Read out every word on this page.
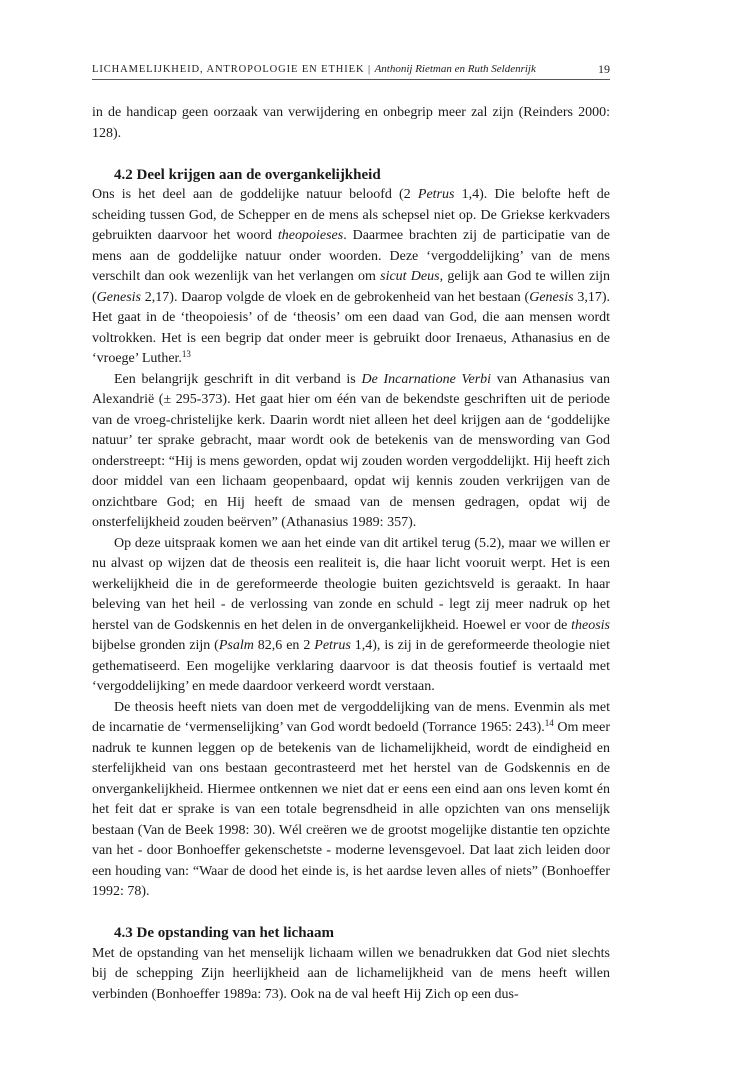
LICHAMELIJKHEID, ANTROPOLOGIE EN ETHIEK | Anthonij Rietman en Ruth Seldenrijk	19

in de handicap geen oorzaak van verwijdering en onbegrip meer zal zijn (Reinders 2000: 128).

4.2 Deel krijgen aan de overgankelijkheid

Ons is het deel aan de goddelijke natuur beloofd (2 Petrus 1,4). Die belofte heft de scheiding tussen God, de Schepper en de mens als schepsel niet op. De Griekse kerkvaders gebruikten daarvoor het woord theopoieses. Daarmee brachten zij de participatie van de mens aan de goddelijke natuur onder woorden. Deze ‘vergoddelijking’ van de mens verschilt dan ook wezenlijk van het verlangen om sicut Deus, gelijk aan God te willen zijn (Genesis 2,17). Daarop volgde de vloek en de gebrokenheid van het bestaan (Genesis 3,17). Het gaat in de ‘theopoiesis’ of de ‘theosis’ om een daad van God, die aan mensen wordt voltrokken. Het is een begrip dat onder meer is gebruikt door Irenaeus, Athanasius en de ‘vroege’ Luther.$^{13}$

Een belangrijk geschrift in dit verband is De Incarnatione Verbi van Athanasius van Alexandrië (± 295-373). Het gaat hier om één van de bekendste geschriften uit de periode van de vroeg-christelijke kerk. Daarin wordt niet alleen het deel krijgen aan de ‘goddelijke natuur’ ter sprake gebracht, maar wordt ook de betekenis van de menswording van God onderstreept: “Hij is mens geworden, opdat wij zouden worden vergoddelijkt. Hij heeft zich door middel van een lichaam geopenbaard, opdat wij kennis zouden verkrijgen van de onzichtbare God; en Hij heeft de smaad van de mensen gedragen, opdat wij de onsterfelijkheid zouden beërven” (Athanasius 1989: 357).

Op deze uitspraak komen we aan het einde van dit artikel terug (5.2), maar we willen er nu alvast op wijzen dat de theosis een realiteit is, die haar licht vooruit werpt. Het is een werkelijkheid die in de gereformeerde theologie buiten gezichtsveld is geraakt. In haar beleving van het heil - de verlossing van zonde en schuld - legt zij meer nadruk op het herstel van de Godskennis en het delen in de onvergankelijkheid. Hoewel er voor de theosis bijbelse gronden zijn (Psalm 82,6 en 2 Petrus 1,4), is zij in de gereformeerde theologie niet gethematiseerd. Een mogelijke verklaring daarvoor is dat theosis foutief is vertaald met ‘vergoddelijking’ en mede daardoor verkeerd wordt verstaan.

De theosis heeft niets van doen met de vergoddelijking van de mens. Evenmin als met de incarnatie de ‘vermenselijking’ van God wordt bedoeld (Torrance 1965: 243).$^{14}$ Om meer nadruk te kunnen leggen op de betekenis van de lichamelijkheid, wordt de eindigheid en sterfelijkheid van ons bestaan gecontrasteerd met het herstel van de Godskennis en de onvergankelijkheid. Hiermee ontkennen we niet dat er eens een eind aan ons leven komt én het feit dat er sprake is van een totale begrensdheid in alle opzichten van ons menselijk bestaan (Van de Beek 1998: 30). Wél creëren we de grootst mogelijke distantie ten opzichte van het - door Bonhoeffer gekenschetste - moderne levensgevoel. Dat laat zich leiden door een houding van: “Waar de dood het einde is, is het aardse leven alles of niets” (Bonhoeffer 1992: 78).

4.3 De opstanding van het lichaam

Met de opstanding van het menselijk lichaam willen we benadrukken dat God niet slechts bij de schepping Zijn heerlijkheid aan de lichamelijkheid van de mens heeft willen verbinden (Bonhoeffer 1989a: 73). Ook na de val heeft Hij Zich op een dus-
